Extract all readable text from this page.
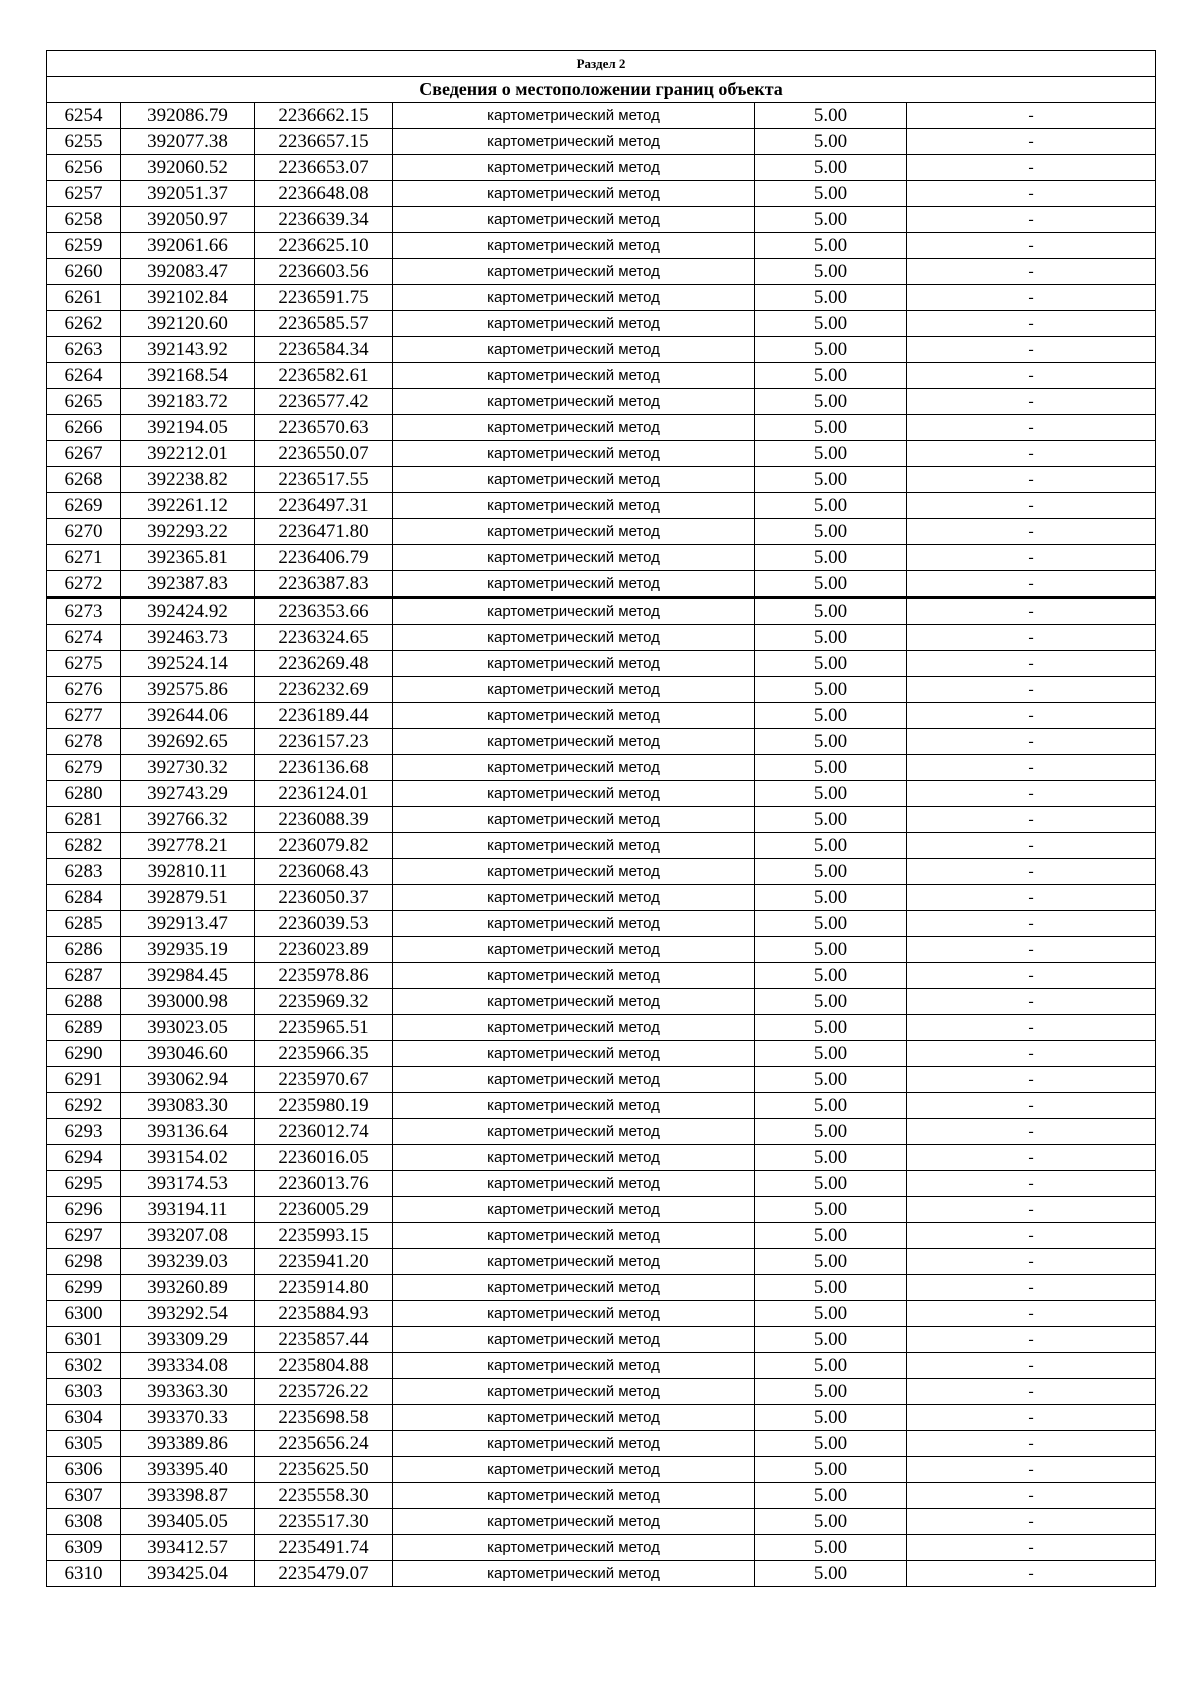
Раздел 2					
Сведения о местоположении границ объекта					
6254	392086.79	2236662.15	картометрический метод	5.00	-
6255	392077.38	2236657.15	картометрический метод	5.00	-
6256	392060.52	2236653.07	картометрический метод	5.00	-
6257	392051.37	2236648.08	картометрический метод	5.00	-
6258	392050.97	2236639.34	картометрический метод	5.00	-
6259	392061.66	2236625.10	картометрический метод	5.00	-
6260	392083.47	2236603.56	картометрический метод	5.00	-
6261	392102.84	2236591.75	картометрический метод	5.00	-
6262	392120.60	2236585.57	картометрический метод	5.00	-
6263	392143.92	2236584.34	картометрический метод	5.00	-
6264	392168.54	2236582.61	картометрический метод	5.00	-
6265	392183.72	2236577.42	картометрический метод	5.00	-
6266	392194.05	2236570.63	картометрический метод	5.00	-
6267	392212.01	2236550.07	картометрический метод	5.00	-
6268	392238.82	2236517.55	картометрический метод	5.00	-
6269	392261.12	2236497.31	картометрический метод	5.00	-
6270	392293.22	2236471.80	картометрический метод	5.00	-
6271	392365.81	2236406.79	картометрический метод	5.00	-
6272	392387.83	2236387.83	картометрический метод	5.00	-
6273	392424.92	2236353.66	картометрический метод	5.00	-
6274	392463.73	2236324.65	картометрический метод	5.00	-
6275	392524.14	2236269.48	картометрический метод	5.00	-
6276	392575.86	2236232.69	картометрический метод	5.00	-
6277	392644.06	2236189.44	картометрический метод	5.00	-
6278	392692.65	2236157.23	картометрический метод	5.00	-
6279	392730.32	2236136.68	картометрический метод	5.00	-
6280	392743.29	2236124.01	картометрический метод	5.00	-
6281	392766.32	2236088.39	картометрический метод	5.00	-
6282	392778.21	2236079.82	картометрический метод	5.00	-
6283	392810.11	2236068.43	картометрический метод	5.00	-
6284	392879.51	2236050.37	картометрический метод	5.00	-
6285	392913.47	2236039.53	картометрический метод	5.00	-
6286	392935.19	2236023.89	картометрический метод	5.00	-
6287	392984.45	2235978.86	картометрический метод	5.00	-
6288	393000.98	2235969.32	картометрический метод	5.00	-
6289	393023.05	2235965.51	картометрический метод	5.00	-
6290	393046.60	2235966.35	картометрический метод	5.00	-
6291	393062.94	2235970.67	картометрический метод	5.00	-
6292	393083.30	2235980.19	картометрический метод	5.00	-
6293	393136.64	2236012.74	картометрический метод	5.00	-
6294	393154.02	2236016.05	картометрический метод	5.00	-
6295	393174.53	2236013.76	картометрический метод	5.00	-
6296	393194.11	2236005.29	картометрический метод	5.00	-
6297	393207.08	2235993.15	картометрический метод	5.00	-
6298	393239.03	2235941.20	картометрический метод	5.00	-
6299	393260.89	2235914.80	картометрический метод	5.00	-
6300	393292.54	2235884.93	картометрический метод	5.00	-
6301	393309.29	2235857.44	картометрический метод	5.00	-
6302	393334.08	2235804.88	картометрический метод	5.00	-
6303	393363.30	2235726.22	картометрический метод	5.00	-
6304	393370.33	2235698.58	картометрический метод	5.00	-
6305	393389.86	2235656.24	картометрический метод	5.00	-
6306	393395.40	2235625.50	картометрический метод	5.00	-
6307	393398.87	2235558.30	картометрический метод	5.00	-
6308	393405.05	2235517.30	картометрический метод	5.00	-
6309	393412.57	2235491.74	картометрический метод	5.00	-
6310	393425.04	2235479.07	картометрический метод	5.00	-
